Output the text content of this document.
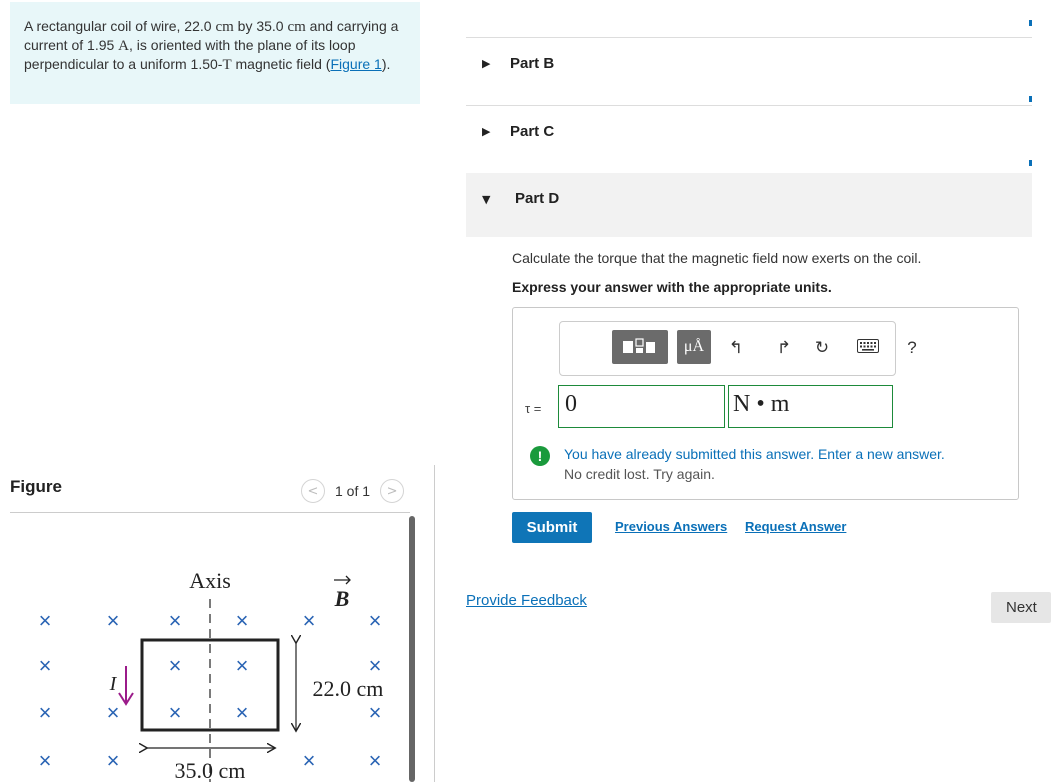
A rectangular coil of wire, 22.0 cm by 35.0 cm and carrying a current of 1.95 A, is oriented with the plane of its loop perpendicular to a uniform 1.50-T magnetic field (Figure 1).
Figure	< 1 of 1 >
×	× × × × ×
×	× ×	×
×	× × ×	×
×	×	× ×
Axis
B
I	22.0 cm
35.0 cm
▶ Part B
▶ Part C
▼ Part D
Calculate the torque that the magnetic field now exerts on the coil.
Express your answer with the appropriate units.
μÅ	↰ ↱ ↻	?
τ = 0	N • m
!	You have already submitted this answer. Enter a new answer.
No credit lost. Try again.
Submit	Previous Answers Request Answer
Provide Feedback	Next
